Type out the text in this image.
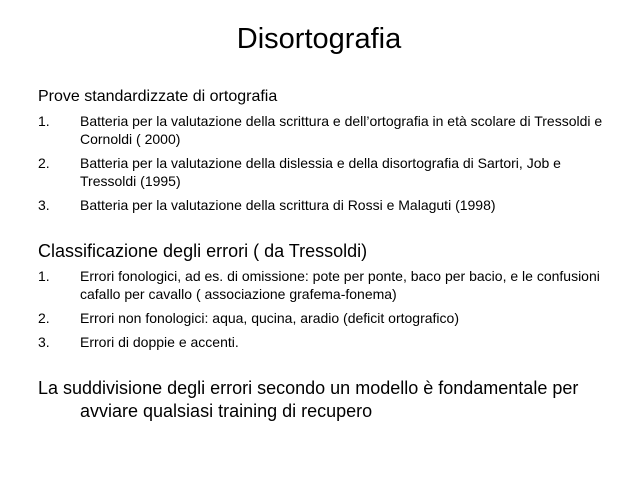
Disortografia
Prove standardizzate di ortografia
1. Batteria per la valutazione della scrittura e dell’ortografia in età scolare di Tressoldi e Cornoldi ( 2000)
2. Batteria per la valutazione della dislessia e della disortografia di Sartori, Job e Tressoldi (1995)
3. Batteria per la valutazione della scrittura di Rossi e Malaguti (1998)
Classificazione degli errori ( da Tressoldi)
1. Errori fonologici, ad es. di omissione: pote per ponte, baco per bacio, e le confusioni cafallo per cavallo ( associazione grafema-fonema)
2. Errori non fonologici: aqua, qucina, aradio (deficit ortografico)
3. Errori di doppie e accenti.
La suddivisione degli errori secondo un modello è fondamentale per avviare qualsiasi training di recupero
